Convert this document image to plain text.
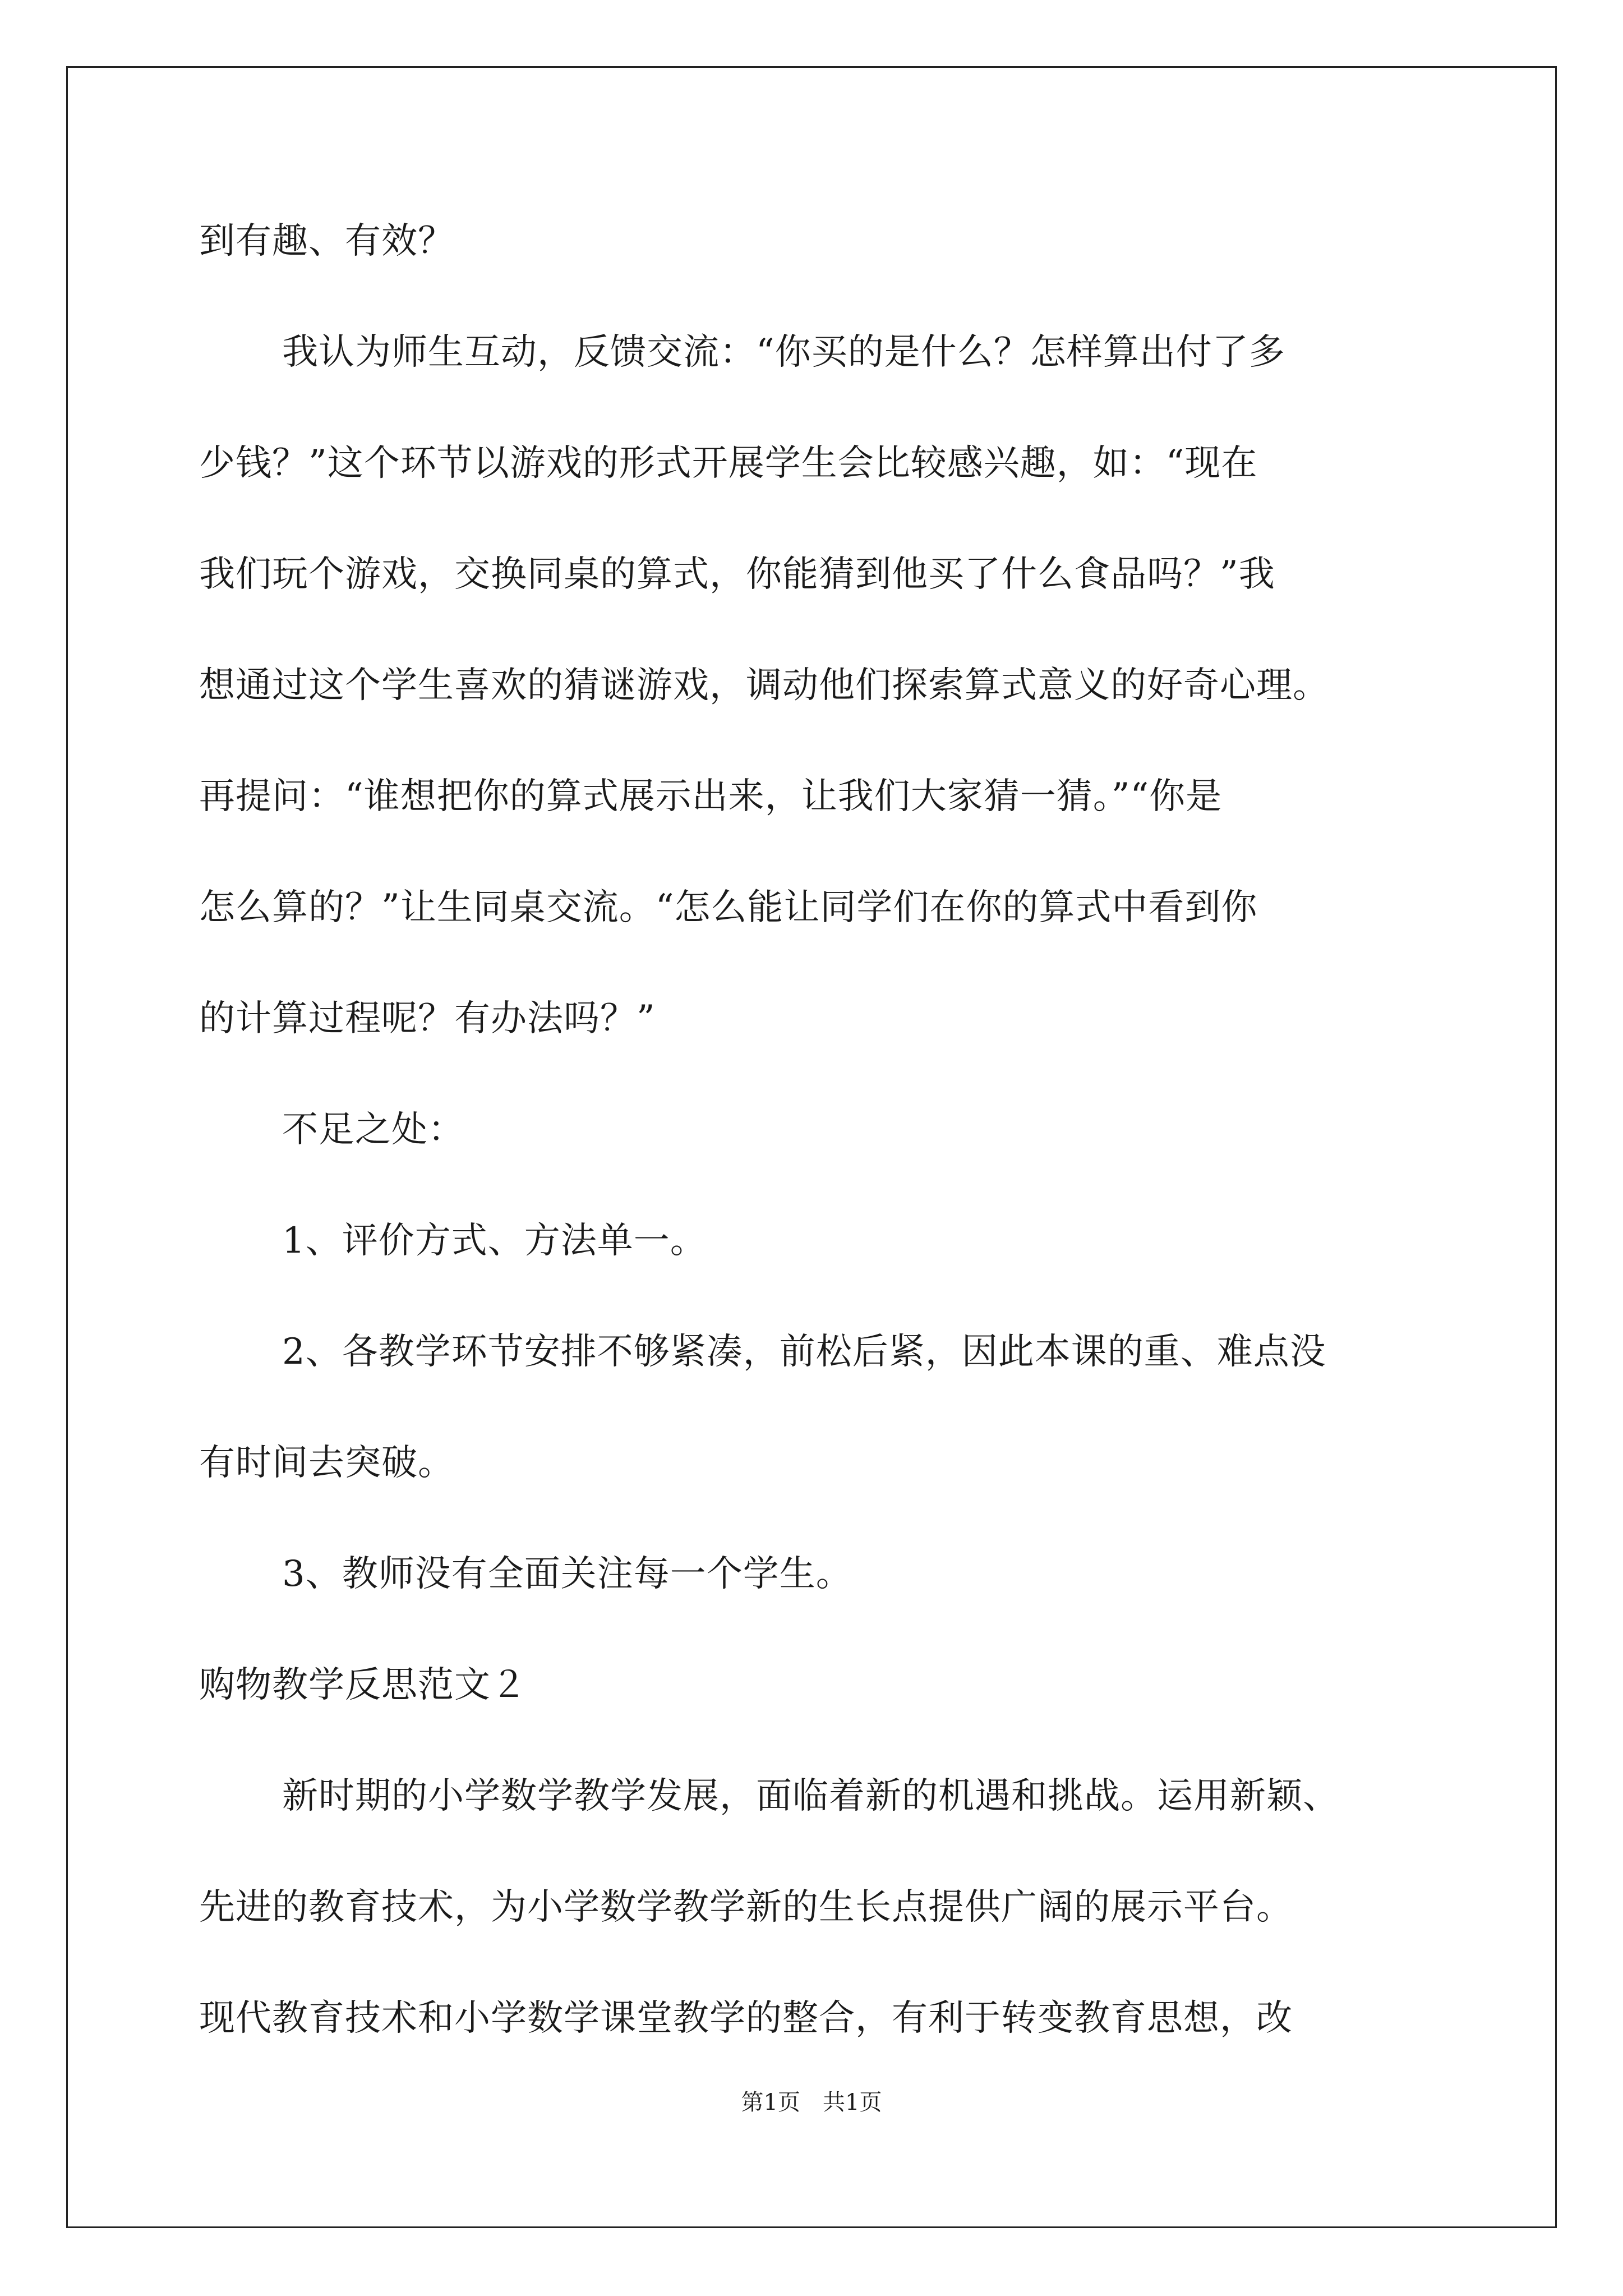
到有趣、有效？
我认为师生互动，反馈交流：“你买的是什么？怎样算出付了多
少钱？”这个环节以游戏的形式开展学生会比较感兴趣，如：“现在
我们玩个游戏，交换同桌的算式，你能猜到他买了什么食品吗？”我
想通过这个学生喜欢的猜谜游戏，调动他们探索算式意义的好奇心理。
再提问：“谁想把你的算式展示出来，让我们大家猜一猜。”“你是
怎么算的？”让生同桌交流。“怎么能让同学们在你的算式中看到你
的计算过程呢？有办法吗？”
不足之处：
1、评价方式、方法单一。
2、各教学环节安排不够紧凑，前松后紧，因此本课的重、难点没
有时间去突破。
3、教师没有全面关注每一个学生。
购物教学反思范文２
新时期的小学数学教学发展，面临着新的机遇和挑战。运用新颖、
先进的教育技术，为小学数学教学新的生长点提供广阔的展示平台。
现代教育技术和小学数学课堂教学的整合，有利于转变教育思想，改
第1页　共1页
